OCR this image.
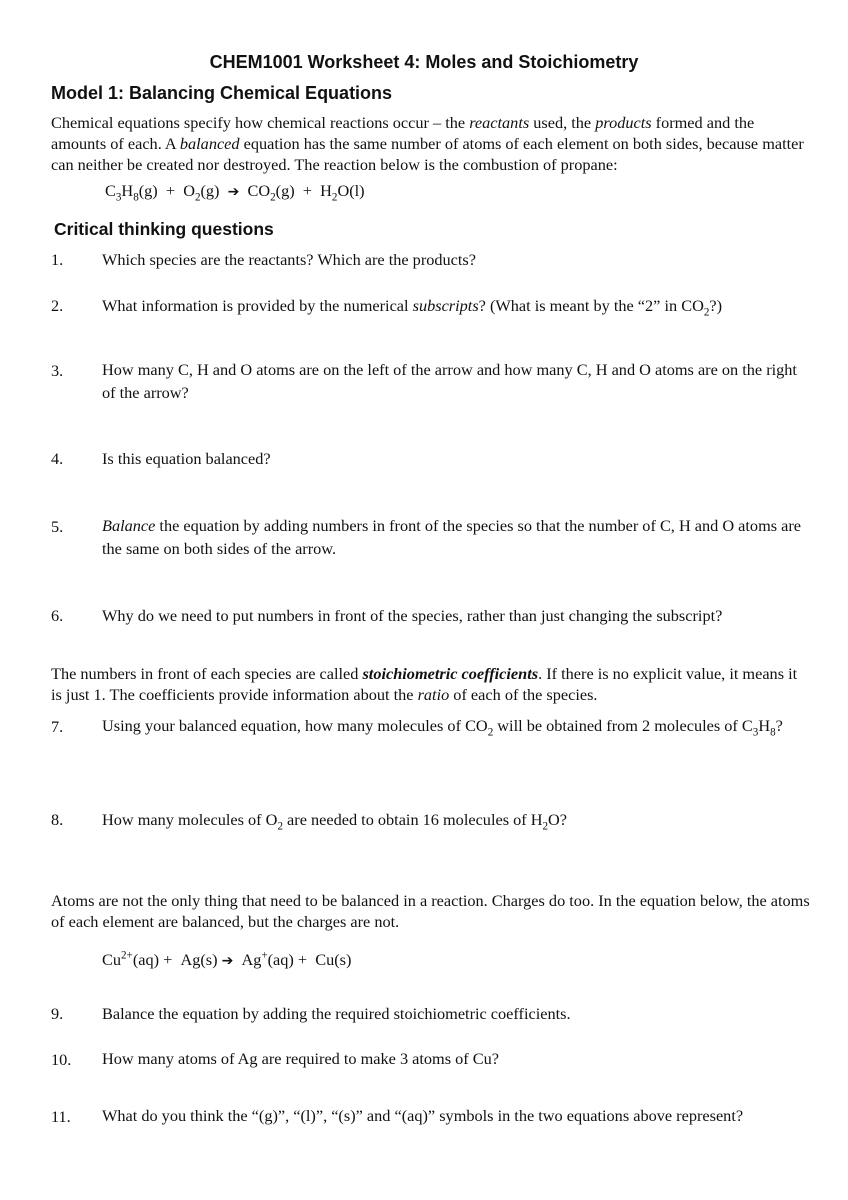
CHEM1001 Worksheet 4: Moles and Stoichiometry
Model 1: Balancing Chemical Equations
Chemical equations specify how chemical reactions occur – the reactants used, the products formed and the amounts of each. A balanced equation has the same number of atoms of each element on both sides, because matter can neither be created nor destroyed. The reaction below is the combustion of propane:
$C_3H_8(g) + O_2(g)$ ➔ $CO_2(g) + H_2O(l)$
Critical thinking questions
1. Which species are the reactants? Which are the products?
2. What information is provided by the numerical subscripts? (What is meant by the “2” in $CO_2$?)
3. How many C, H and O atoms are on the left of the arrow and how many C, H and O atoms are on the right of the arrow?
4. Is this equation balanced?
5. Balance the equation by adding numbers in front of the species so that the number of C, H and O atoms are the same on both sides of the arrow.
6. Why do we need to put numbers in front of the species, rather than just changing the subscript?
The numbers in front of each species are called stoichiometric coefficients. If there is no explicit value, it means it is just 1. The coefficients provide information about the ratio of each of the species.
7. Using your balanced equation, how many molecules of $CO_2$ will be obtained from 2 molecules of $C_3H_8$?
8. How many molecules of $O_2$ are needed to obtain 16 molecules of $H_2O$?
Atoms are not the only thing that need to be balanced in a reaction. Charges do too. In the equation below, the atoms of each element are balanced, but the charges are not.
$Cu^{2+}(aq) + Ag(s)$ ➔ Ag+(aq) + Cu(s)
9. Balance the equation by adding the required stoichiometric coefficients.
10. How many atoms of Ag are required to make 3 atoms of Cu?
11. What do you think the “(g)”, “(l)”, “(s)” and “(aq)” symbols in the two equations above represent?
